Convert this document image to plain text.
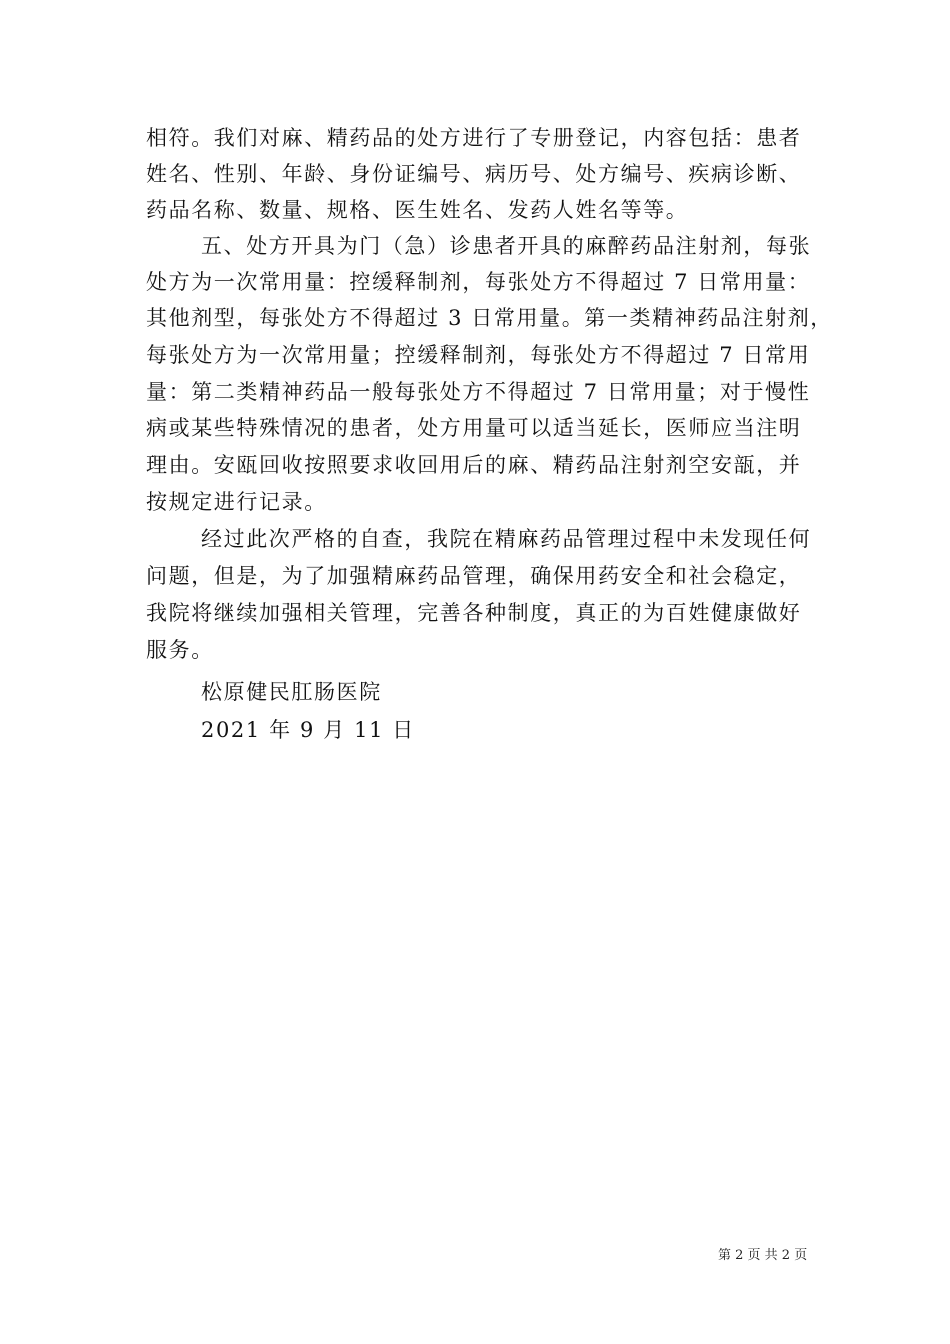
相符。我们对麻、精药品的处方进行了专册登记，内容包括：患者
姓名、性别、年龄、身份证编号、病历号、处方编号、疾病诊断、
药品名称、数量、规格、医生姓名、发药人姓名等等。
五、处方开具为门（急）诊患者开具的麻醉药品注射剂，每张
处方为一次常用量：控缓释制剂，每张处方不得超过 7 日常用量：
其他剂型，每张处方不得超过 3 日常用量。第一类精神药品注射剂，
每张处方为一次常用量；控缓释制剂，每张处方不得超过 7 日常用
量：第二类精神药品一般每张处方不得超过 7 日常用量；对于慢性
病或某些特殊情况的患者，处方用量可以适当延长，医师应当注明
理由。安瓯回收按照要求收回用后的麻、精药品注射剂空安瓿，并
按规定进行记录。
经过此次严格的自查，我院在精麻药品管理过程中未发现任何
问题，但是，为了加强精麻药品管理，确保用药安全和社会稳定，
我院将继续加强相关管理，完善各种制度，真正的为百姓健康做好
服务。
松原健民肛肠医院
2021 年 9 月 11 日
第 2 页 共 2 页
